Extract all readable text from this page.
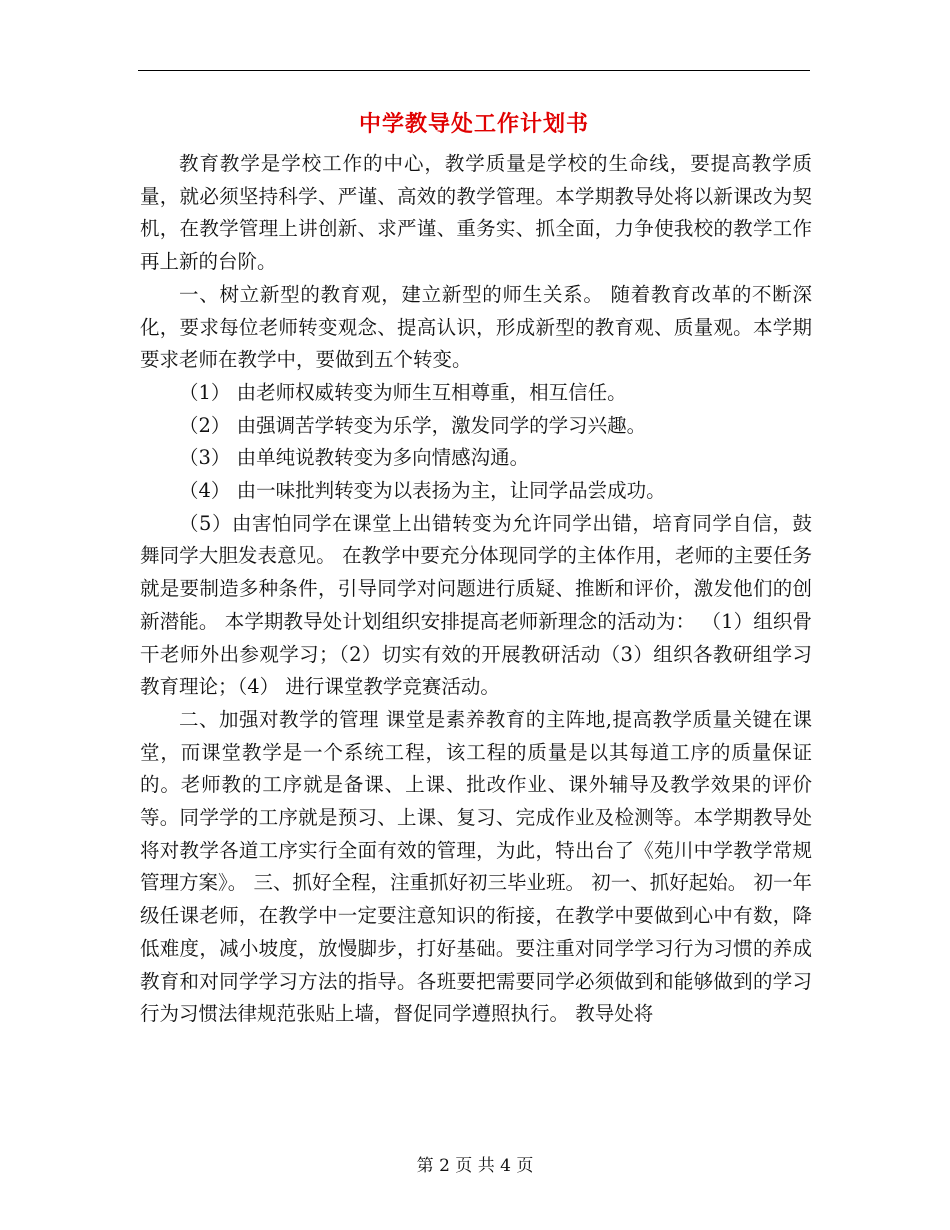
中学教导处工作计划书

教育教学是学校工作的中心，教学质量是学校的生命线，要提高教学质量，就必须坚持科学、严谨、高效的教学管理。本学期教导处将以新课改为契机，在教学管理上讲创新、求严谨、重务实、抓全面，力争使我校的教学工作再上新的台阶。

一、树立新型的教育观，建立新型的师生关系。 随着教育改革的不断深化，要求每位老师转变观念、提高认识，形成新型的教育观、质量观。本学期要求老师在教学中，要做到五个转变。

（1） 由老师权威转变为师生互相尊重，相互信任。

（2） 由强调苦学转变为乐学，激发同学的学习兴趣。

（3） 由单纯说教转变为多向情感沟通。

（4） 由一味批判转变为以表扬为主，让同学品尝成功。

（5）由害怕同学在课堂上出错转变为允许同学出错，培育同学自信，鼓舞同学大胆发表意见。 在教学中要充分体现同学的主体作用，老师的主要任务就是要制造多种条件，引导同学对问题进行质疑、推断和评价，激发他们的创新潜能。 本学期教导处计划组织安排提高老师新理念的活动为： （1）组织骨干老师外出参观学习；（2）切实有效的开展教研活动（3）组织各教研组学习教育理论；（4） 进行课堂教学竞赛活动。

二、加强对教学的管理 课堂是素养教育的主阵地,提高教学质量关键在课堂，而课堂教学是一个系统工程，该工程的质量是以其每道工序的质量保证的。老师教的工序就是备课、上课、批改作业、课外辅导及教学效果的评价等。同学学的工序就是预习、上课、复习、完成作业及检测等。本学期教导处将对教学各道工序实行全面有效的管理，为此，特出台了《苑川中学教学常规管理方案》。 三、抓好全程，注重抓好初三毕业班。 初一、抓好起始。 初一年级任课老师，在教学中一定要注意知识的衔接，在教学中要做到心中有数，降低难度，减小坡度，放慢脚步，打好基础。要注重对同学学习行为习惯的养成教育和对同学学习方法的指导。各班要把需要同学必须做到和能够做到的学习行为习惯法律规范张贴上墙，督促同学遵照执行。 教导处将

第 2 页 共 4 页
